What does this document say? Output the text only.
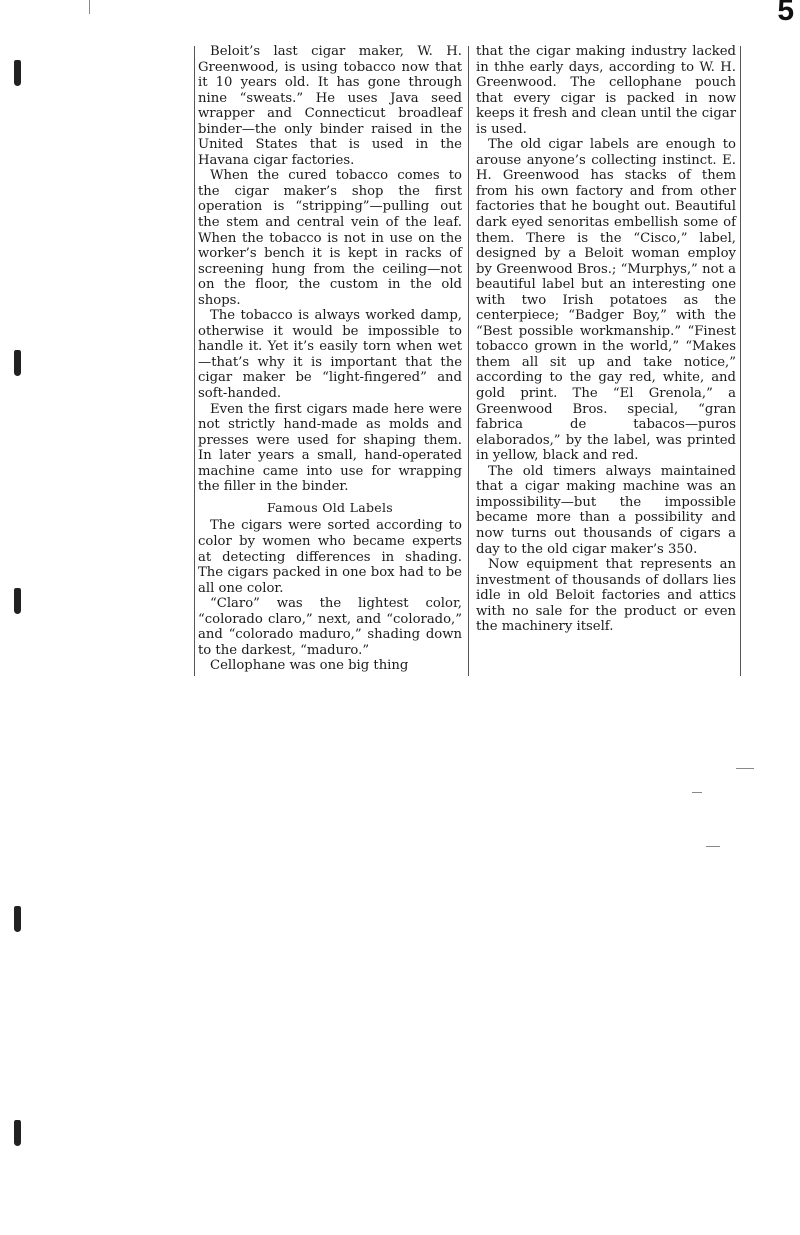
5

Beloit’s last cigar maker, W. H. Greenwood, is using tobacco now that it 10 years old. It has gone through nine “sweats.” He uses Java seed wrapper and Connecticut broadleaf binder—the only binder raised in the United States that is used in the Havana cigar factories.

When the cured tobacco comes to the cigar maker’s shop the first operation is “stripping”—pulling out the stem and central vein of the leaf. When the tobacco is not in use on the worker’s bench it is kept in racks of screening hung from the ceiling—not on the floor, the custom in the old shops.

The tobacco is always worked damp, otherwise it would be impossible to handle it. Yet it’s easily torn when wet—that’s why it is important that the cigar maker be “light-fingered” and soft-handed.

Even the first cigars made here were not strictly hand-made as molds and presses were used for shaping them. In later years a small, hand-operated machine came into use for wrapping the filler in the binder.

Famous Old Labels

The cigars were sorted according to color by women who became experts at detecting differences in shading. The cigars packed in one box had to be all one color.

“Claro” was the lightest color, “colorado claro,” next, and “colorado,” and “colorado maduro,” shading down to the darkest, “maduro.”

Cellophane was one big thing

that the cigar making industry lacked in thhe early days, according to W. H. Greenwood. The cellophane pouch that every cigar is packed in now keeps it fresh and clean until the cigar is used.

The old cigar labels are enough to arouse anyone’s collecting instinct. E. H. Greenwood has stacks of them from his own factory and from other factories that he bought out. Beautiful dark eyed senoritas embellish some of them. There is the “Cisco,” label, designed by a Beloit woman employ by Greenwood Bros.; “Murphys,” not a beautiful label but an interesting one with two Irish potatoes as the centerpiece; “Badger Boy,” with the “Best possible workmanship.” “Finest tobacco grown in the world,” “Makes them all sit up and take notice,” according to the gay red, white, and gold print. The “El Grenola,” a Greenwood Bros. special, “gran fabrica de tabacos—puros elaborados,” by the label, was printed in yellow, black and red.

The old timers always maintained that a cigar making machine was an impossibility—but the impossible became more than a possibility and now turns out thousands of cigars a day to the old cigar maker’s 350.

Now equipment that represents an investment of thousands of dollars lies idle in old Beloit factories and attics with no sale for the product or even the machinery itself.
